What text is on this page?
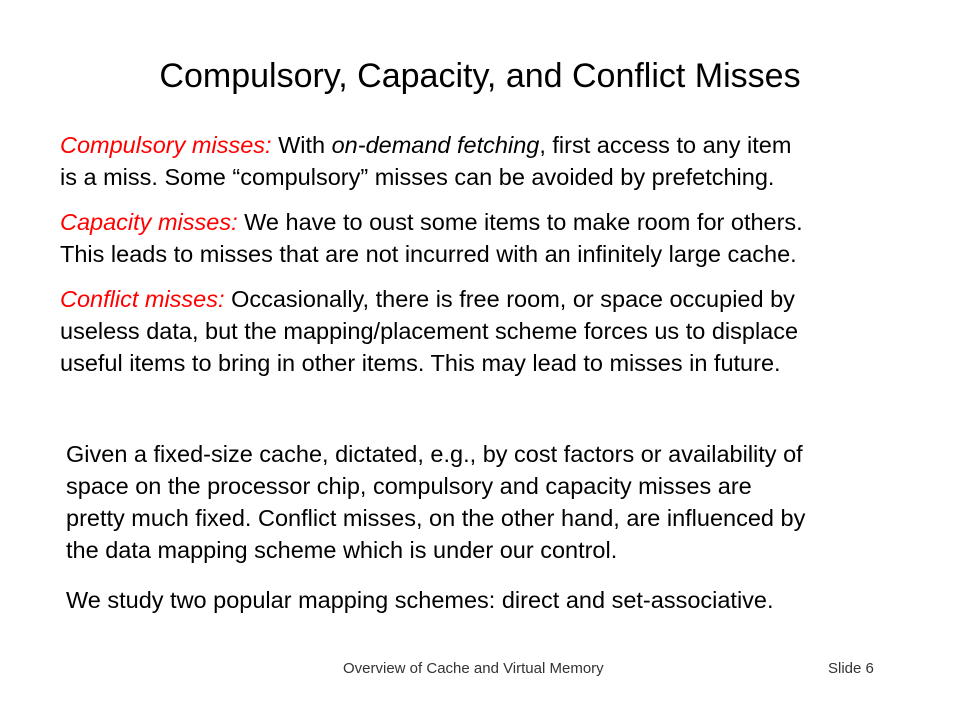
Compulsory, Capacity, and Conflict Misses

Compulsory misses: With on-demand fetching, first access to any item
is a miss. Some “compulsory” misses can be avoided by prefetching.

Capacity misses: We have to oust some items to make room for others.
This leads to misses that are not incurred with an infinitely large cache.

Conflict misses: Occasionally, there is free room, or space occupied by
useless data, but the mapping/placement scheme forces us to displace
useful items to bring in other items. This may lead to misses in future.

Given a fixed-size cache, dictated, e.g., by cost factors or availability of
space on the processor chip, compulsory and capacity misses are
pretty much fixed. Conflict misses, on the other hand, are influenced by
the data mapping scheme which is under our control.

We study two popular mapping schemes: direct and set-associative.

Overview of Cache and Virtual Memory	Slide 6
